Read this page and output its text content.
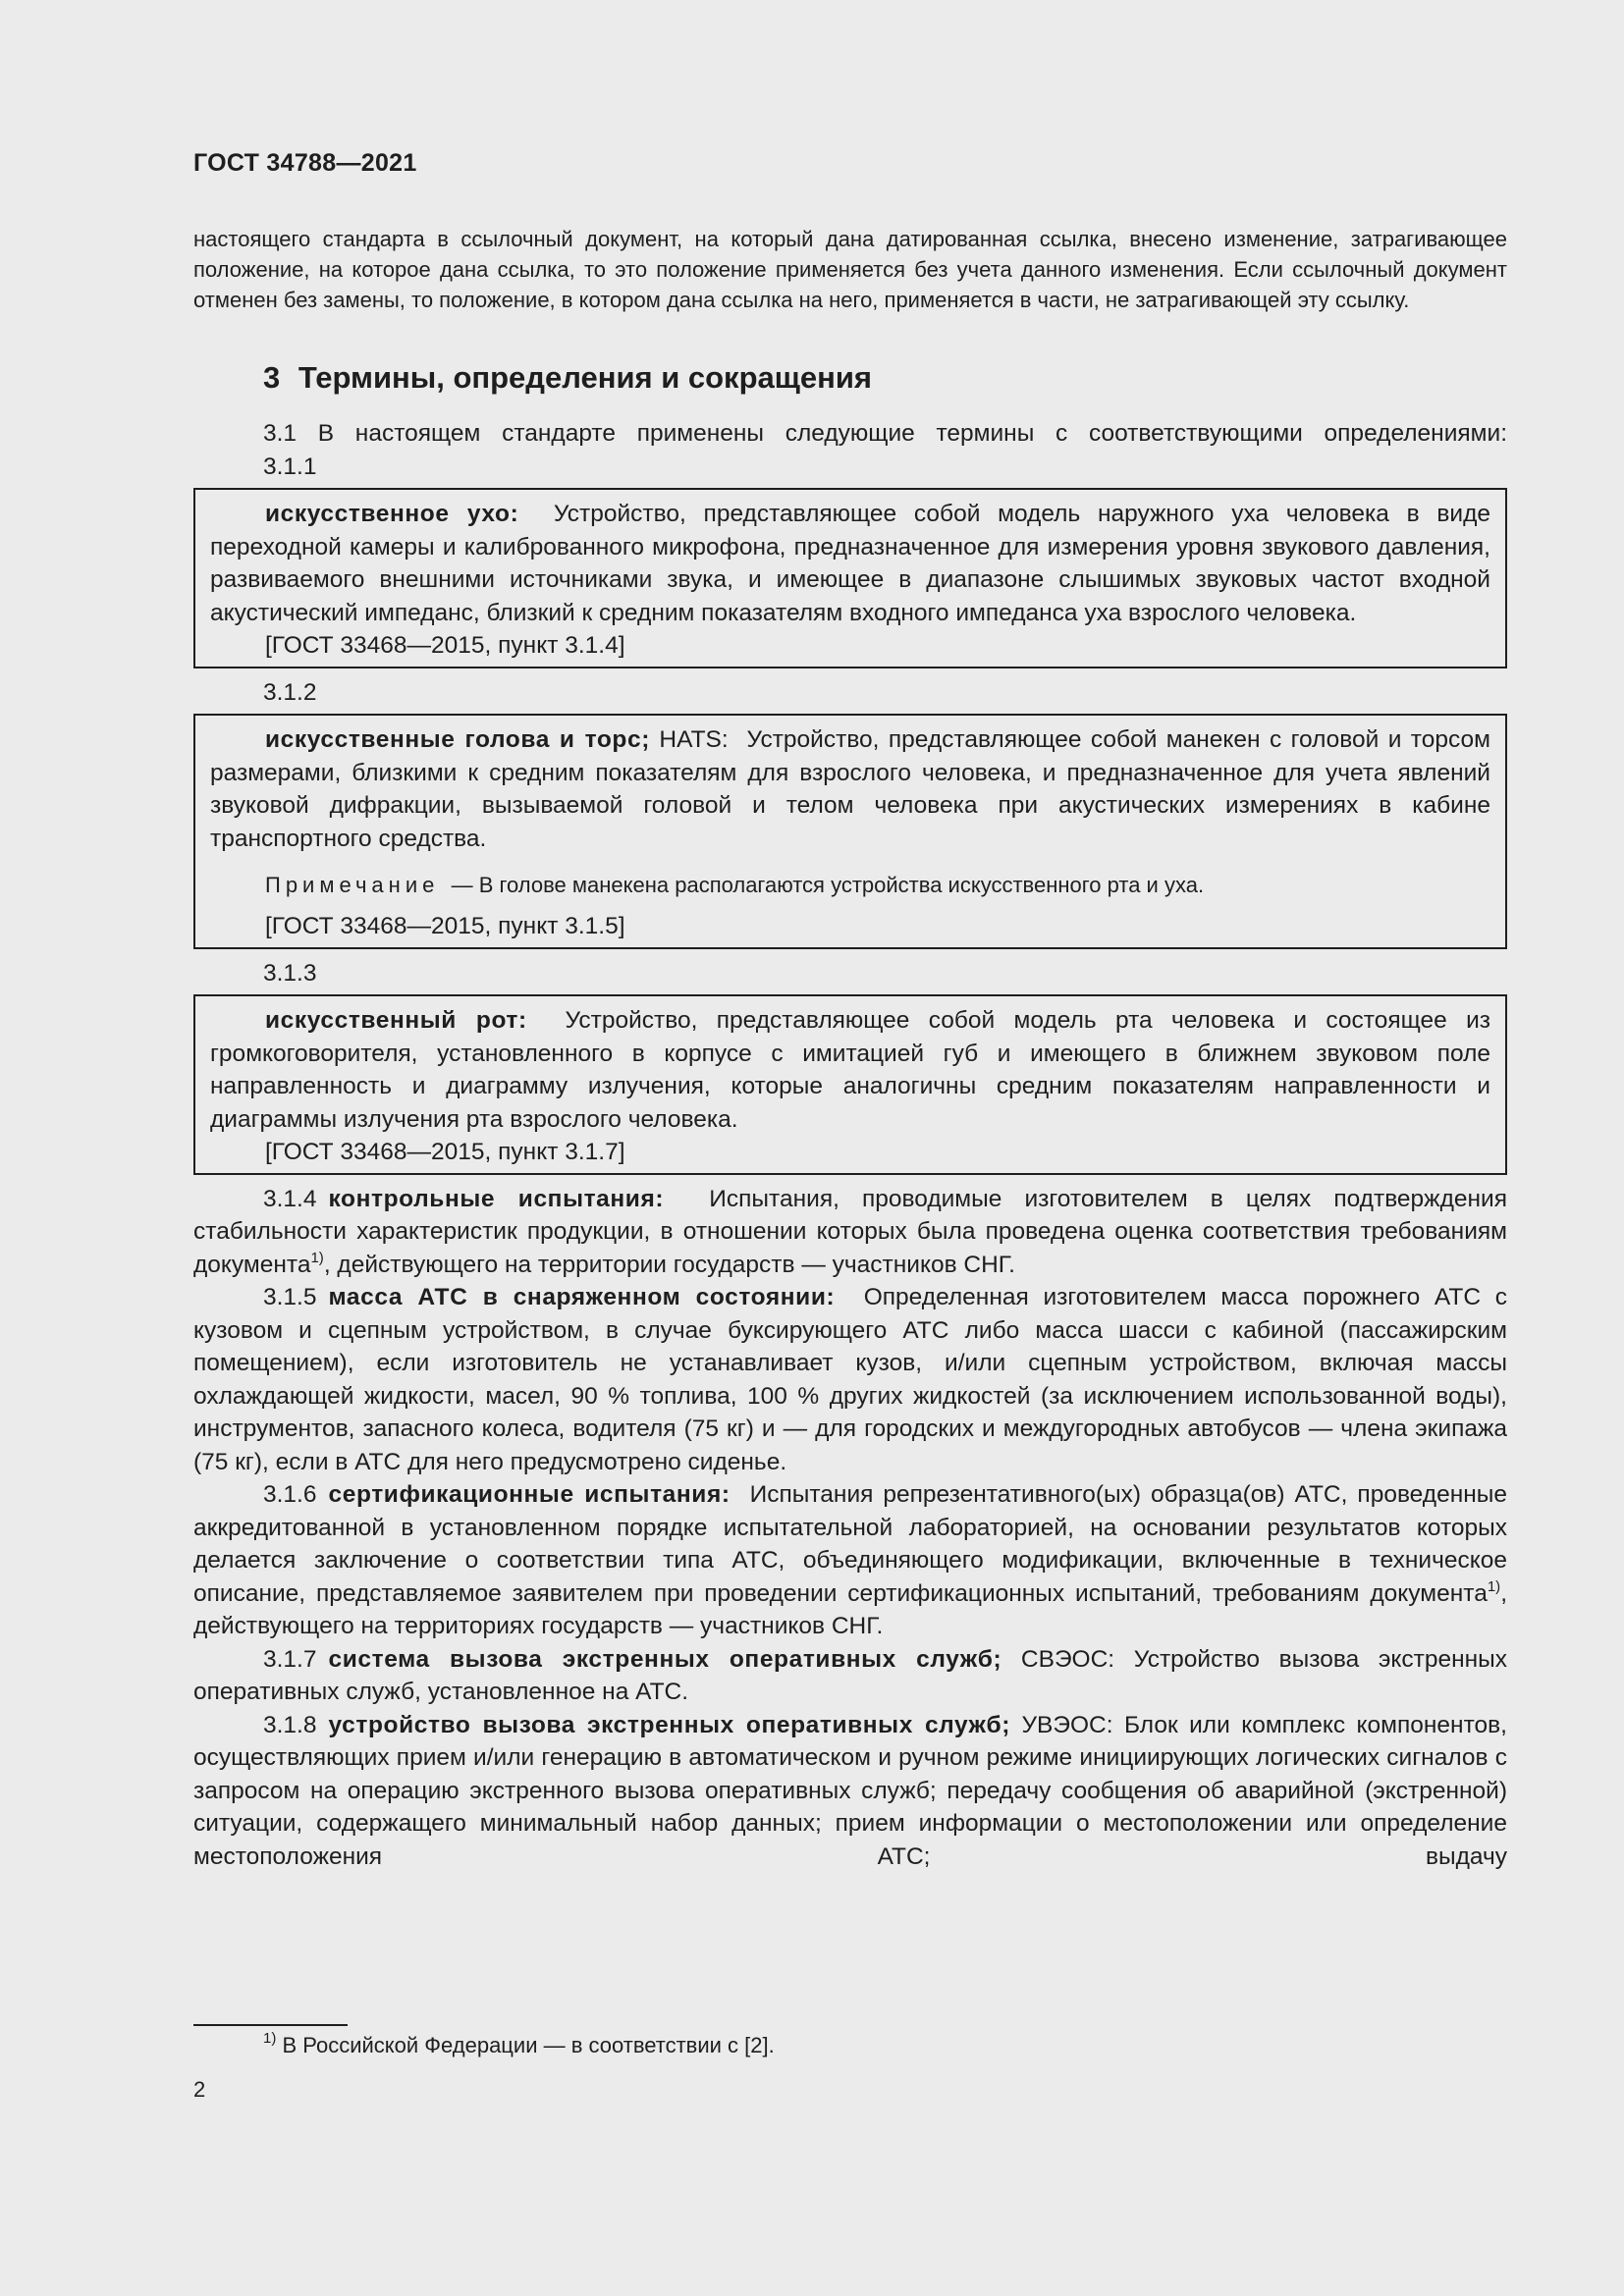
ГОСТ 34788—2021
настоящего стандарта в ссылочный документ, на который дана датированная ссылка, внесено изменение, затрагивающее положение, на которое дана ссылка, то это положение применяется без учета данного изменения. Если ссылочный документ отменен без замены, то положение, в котором дана ссылка на него, применяется в части, не затрагивающей эту ссылку.
3 Термины, определения и сокращения
3.1 В настоящем стандарте применены следующие термины с соответствующими определениями:
3.1.1
искусственное ухо: Устройство, представляющее собой модель наружного уха человека в виде переходной камеры и калиброванного микрофона, предназначенное для измерения уровня звукового давления, развиваемого внешними источниками звука, и имеющее в диапазоне слышимых звуковых частот входной акустический импеданс, близкий к средним показателям входного импеданса уха взрослого человека.
[ГОСТ 33468—2015, пункт 3.1.4]
3.1.2
искусственные голова и торс; HATS: Устройство, представляющее собой манекен с головой и торсом размерами, близкими к средним показателям для взрослого человека, и предназначенное для учета явлений звуковой дифракции, вызываемой головой и телом человека при акустических измерениях в кабине транспортного средства.
Примечание — В голове манекена располагаются устройства искусственного рта и уха.
[ГОСТ 33468—2015, пункт 3.1.5]
3.1.3
искусственный рот: Устройство, представляющее собой модель рта человека и состоящее из громкоговорителя, установленного в корпусе с имитацией губ и имеющего в ближнем звуковом поле направленность и диаграмму излучения, которые аналогичны средним показателям направленности и диаграммы излучения рта взрослого человека.
[ГОСТ 33468—2015, пункт 3.1.7]
3.1.4 контрольные испытания: Испытания, проводимые изготовителем в целях подтверждения стабильности характеристик продукции, в отношении которых была проведена оценка соответствия требованиям документа$^{1)}$, действующего на территории государств — участников СНГ.
3.1.5 масса АТС в снаряженном состоянии: Определенная изготовителем масса порожнего АТС с кузовом и сцепным устройством, в случае буксирующего АТС либо масса шасси с кабиной (пассажирским помещением), если изготовитель не устанавливает кузов, и/или сцепным устройством, включая массы охлаждающей жидкости, масел, 90 % топлива, 100 % других жидкостей (за исключением использованной воды), инструментов, запасного колеса, водителя (75 кг) и — для городских и междугородных автобусов — члена экипажа (75 кг), если в АТС для него предусмотрено сиденье.
3.1.6 сертификационные испытания: Испытания репрезентативного(ых) образца(ов) АТС, проведенные аккредитованной в установленном порядке испытательной лабораторией, на основании результатов которых делается заключение о соответствии типа АТС, объединяющего модификации, включенные в техническое описание, представляемое заявителем при проведении сертификационных испытаний, требованиям документа$^{1)}$, действующего на территориях государств — участников СНГ.
3.1.7 система вызова экстренных оперативных служб; СВЭОС: Устройство вызова экстренных оперативных служб, установленное на АТС.
3.1.8 устройство вызова экстренных оперативных служб; УВЭОС: Блок или комплекс компонентов, осуществляющих прием и/или генерацию в автоматическом и ручном режиме инициирующих логических сигналов с запросом на операцию экстренного вызова оперативных служб; передачу сообщения об аварийной (экстренной) ситуации, содержащего минимальный набор данных; прием информации о местоположении или определение местоположения АТС; выдачу
$^{1)}$ В Российской Федерации — в соответствии с [2].
2
